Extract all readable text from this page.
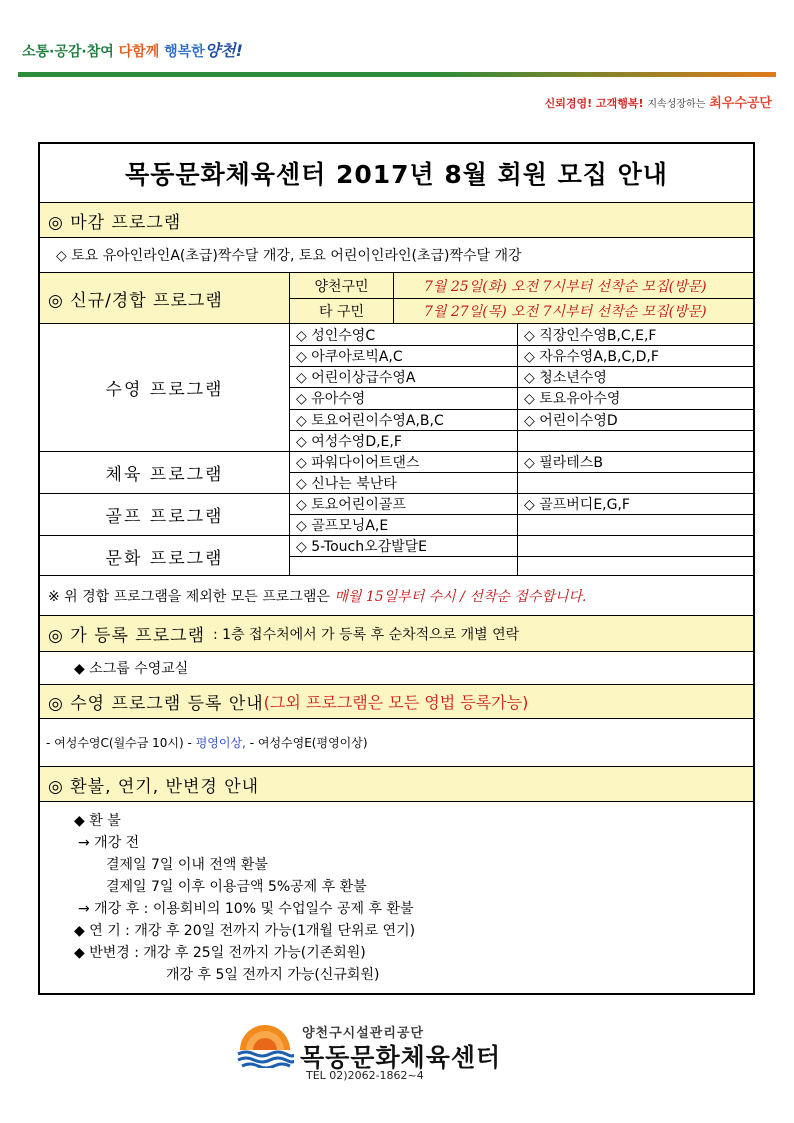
소통·공감·참여 다함께 행복한양천!
신뢰경영! 고객행복! 지속성장하는 최우수공단
목동문화체육센터 2017년 8월 회원 모집 안내
◎ 마감 프로그램
◇ 토요 유아인라인A(초급)짝수달 개강, 토요 어린이인라인(초급)짝수달 개강
◎ 신규/경합 프로그램
양천구민	7월 25일(화) 오전 7시부터 선착순 모집(방문)
타 구민	7월 27일(목) 오전 7시부터 선착순 모집(방문)
수영 프로그램
체육 프로그램
골프 프로그램
문화 프로그램
◇ 성인수영C
◇ 아쿠아로빅A,C
◇ 어린이상급수영A
◇ 유아수영
◇ 토요어린이수영A,B,C
◇ 여성수영D,E,F
◇ 직장인수영B,C,E,F
◇ 자유수영A,B,C,D,F
◇ 청소년수영
◇ 토요유아수영
◇ 어린이수영D
◇ 파워다이어트댄스
◇ 신나는 북난타
◇ 필라테스B
◇ 토요어린이골프
◇ 골프모닝A,E
◇ 골프버디E,G,F
◇ 5-Touch오감발달E
※ 위 경합 프로그램을 제외한 모든 프로그램은
매월 15일부터 수시 / 선착순 접수합니다.
◎ 가 등록 프로그램 : 1층 접수처에서 가 등록 후 순차적으로 개별 연락
◆ 소그룹 수영교실
◎ 수영 프로그램 등록 안내 (그외 프로그램은 모든 영법 등록가능)
- 여성수영C(월수금 10시) -
평영이상,
- 여성수영E(평영이상)
◎ 환불, 연기, 반변경 안내
◆ 환 불
→ 개강 전
결제일 7일 이내 전액 환불
결제일 7일 이후 이용금액 5%공제 후 환불
→ 개강 후 : 이용회비의 10% 및 수업일수 공제 후 환불
◆ 연 기 : 개강 후 20일 전까지 가능(1개월 단위로 연기)
◆ 반변경 : 개강 후 25일 전까지 가능(기존회원)
개강 후 5일 전까지 가능(신규회원)
양천구시설관리공단
목동문화체육센터
TEL 02)2062-1862~4
